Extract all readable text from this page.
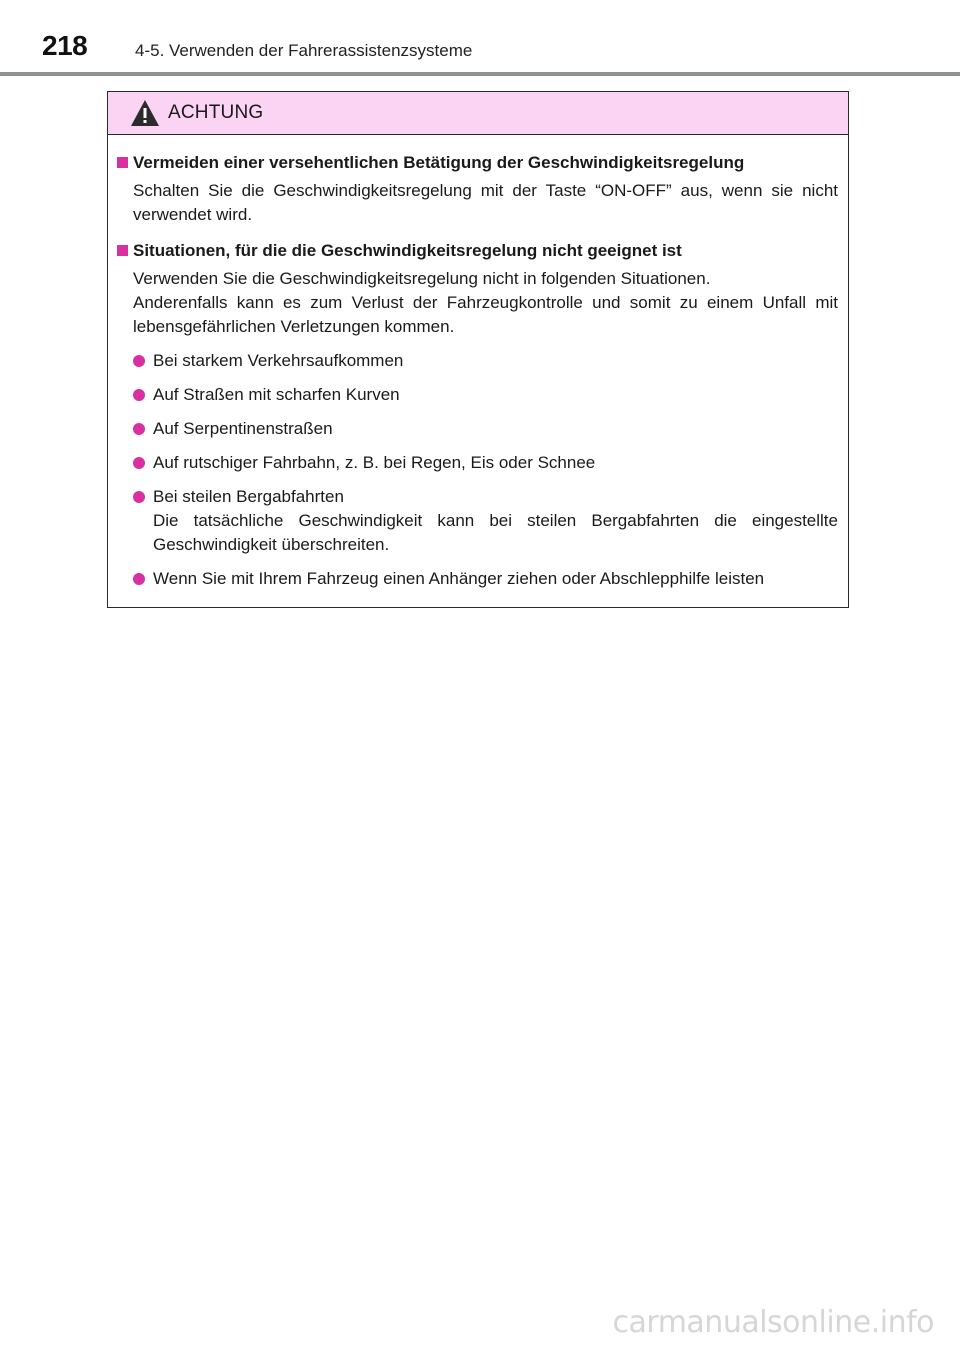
218	4-5. Verwenden der Fahrerassistenzsysteme
ACHTUNG
Vermeiden einer versehentlichen Betätigung der Geschwindigkeitsregelung

Schalten Sie die Geschwindigkeitsregelung mit der Taste “ON-OFF” aus, wenn sie nicht verwendet wird.

Situationen, für die die Geschwindigkeitsregelung nicht geeignet ist

Verwenden Sie die Geschwindigkeitsregelung nicht in folgenden Situationen.
Anderenfalls kann es zum Verlust der Fahrzeugkontrolle und somit zu einem Unfall mit lebensgefährlichen Verletzungen kommen.

Bei starkem Verkehrsaufkommen
Auf Straßen mit scharfen Kurven
Auf Serpentinenstraßen
Auf rutschiger Fahrbahn, z. B. bei Regen, Eis oder Schnee
Bei steilen Bergabfahrten
Die tatsächliche Geschwindigkeit kann bei steilen Bergabfahrten die eingestellte Geschwindigkeit überschreiten.
Wenn Sie mit Ihrem Fahrzeug einen Anhänger ziehen oder Abschlepphilfe leisten
carmanualsonline.info
